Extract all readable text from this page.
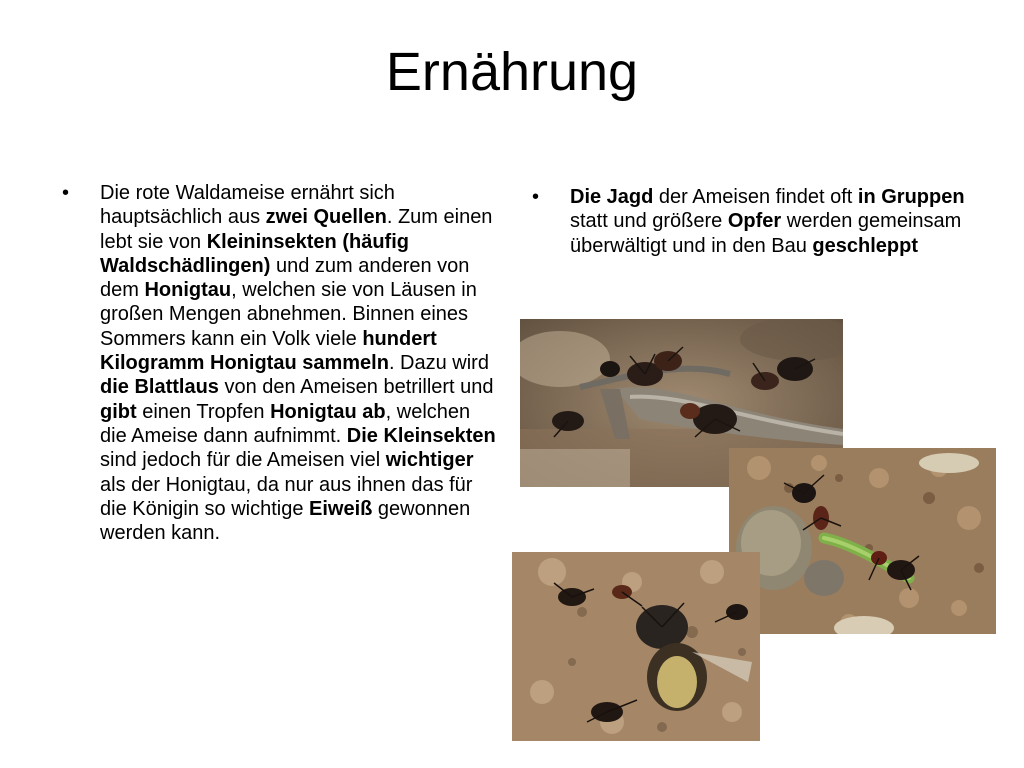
Ernährung
•	Die rote Waldameise ernährt sich hauptsächlich aus zwei Quellen. Zum einen lebt sie von Kleininsekten (häufig Waldschädlingen) und zum anderen von dem Honigtau, welchen sie von Läusen in großen Mengen abnehmen. Binnen eines Sommers kann ein Volk viele hundert Kilogramm Honigtau sammeln. Dazu wird die Blattlaus von den Ameisen betrillert und gibt einen Tropfen Honigtau ab, welchen die Ameise dann aufnimmt. Die Kleinsekten sind jedoch für die Ameisen viel wichtiger als der Honigtau, da nur aus ihnen das für die Königin so wichtige Eiweiß gewonnen werden kann.
•	Die Jagd der Ameisen findet oft in Gruppen statt und größere Opfer werden gemeinsam überwältigt und in den Bau geschleppt
